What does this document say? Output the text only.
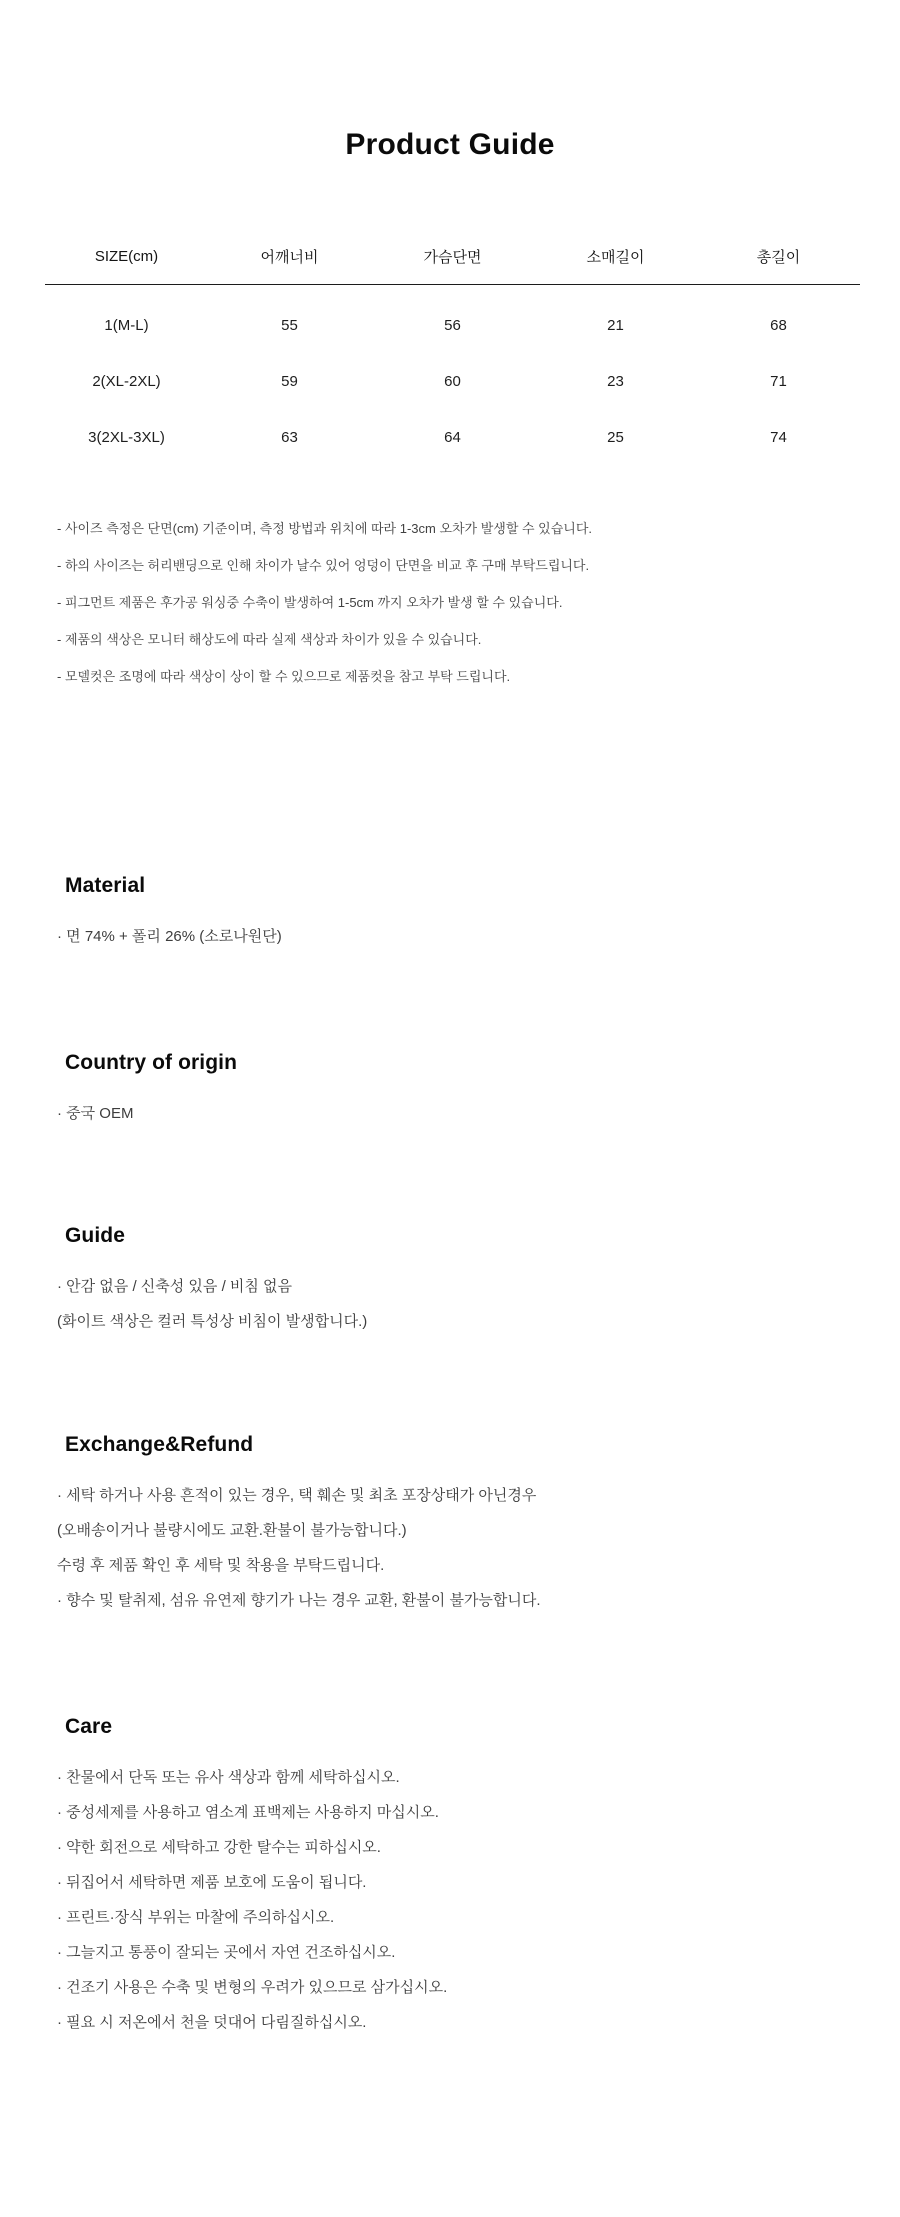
Product Guide
SIZE(cm)	어깨너비	가슴단면	소매길이	총길이
1(M-L)	55	56	21	68
2(XL-2XL)	59	60	23	71
3(2XL-3XL)	63	64	25	74

- 사이즈 측정은 단면(cm) 기준이며, 측정 방법과 위치에 따라 1-3cm 오차가 발생할 수 있습니다.

- 하의 사이즈는 허리밴딩으로 인해 차이가 날수 있어 엉덩이 단면을 비교 후 구매 부탁드립니다.

- 피그먼트 제품은 후가공 워싱중 수축이 발생하여 1-5cm 까지 오차가 발생 할 수 있습니다.

- 제품의 색상은 모니터 해상도에 따라 실제 색상과 차이가 있을 수 있습니다.

- 모델컷은 조명에 따라 색상이 상이 할 수 있으므로 제품컷을 참고 부탁 드립니다.

Material

· 면 74% + 폴리 26% (소로나원단)

Country of origin

· 중국 OEM

Guide

· 안감 없음 / 신축성 있음 / 비침 없음

(화이트 색상은 컬러 특성상 비침이 발생합니다.)

Exchange&Refund

· 세탁 하거나 사용 흔적이 있는 경우, 택 훼손 및 최초 포장상태가 아닌경우

(오배송이거나 불량시에도 교환.환불이 불가능합니다.)

수령 후 제품 확인 후 세탁 및 착용을 부탁드립니다.

· 향수 및 탈취제, 섬유 유연제 향기가 나는 경우 교환, 환불이 불가능합니다.

Care

· 찬물에서 단독 또는 유사 색상과 함께 세탁하십시오.

· 중성세제를 사용하고 염소계 표백제는 사용하지 마십시오.

· 약한 회전으로 세탁하고 강한 탈수는 피하십시오.

· 뒤집어서 세탁하면 제품 보호에 도움이 됩니다.

· 프린트·장식 부위는 마찰에 주의하십시오.

· 그늘지고 통풍이 잘되는 곳에서 자연 건조하십시오.

· 건조기 사용은 수축 및 변형의 우려가 있으므로 삼가십시오.

· 필요 시 저온에서 천을 덧대어 다림질하십시오.
